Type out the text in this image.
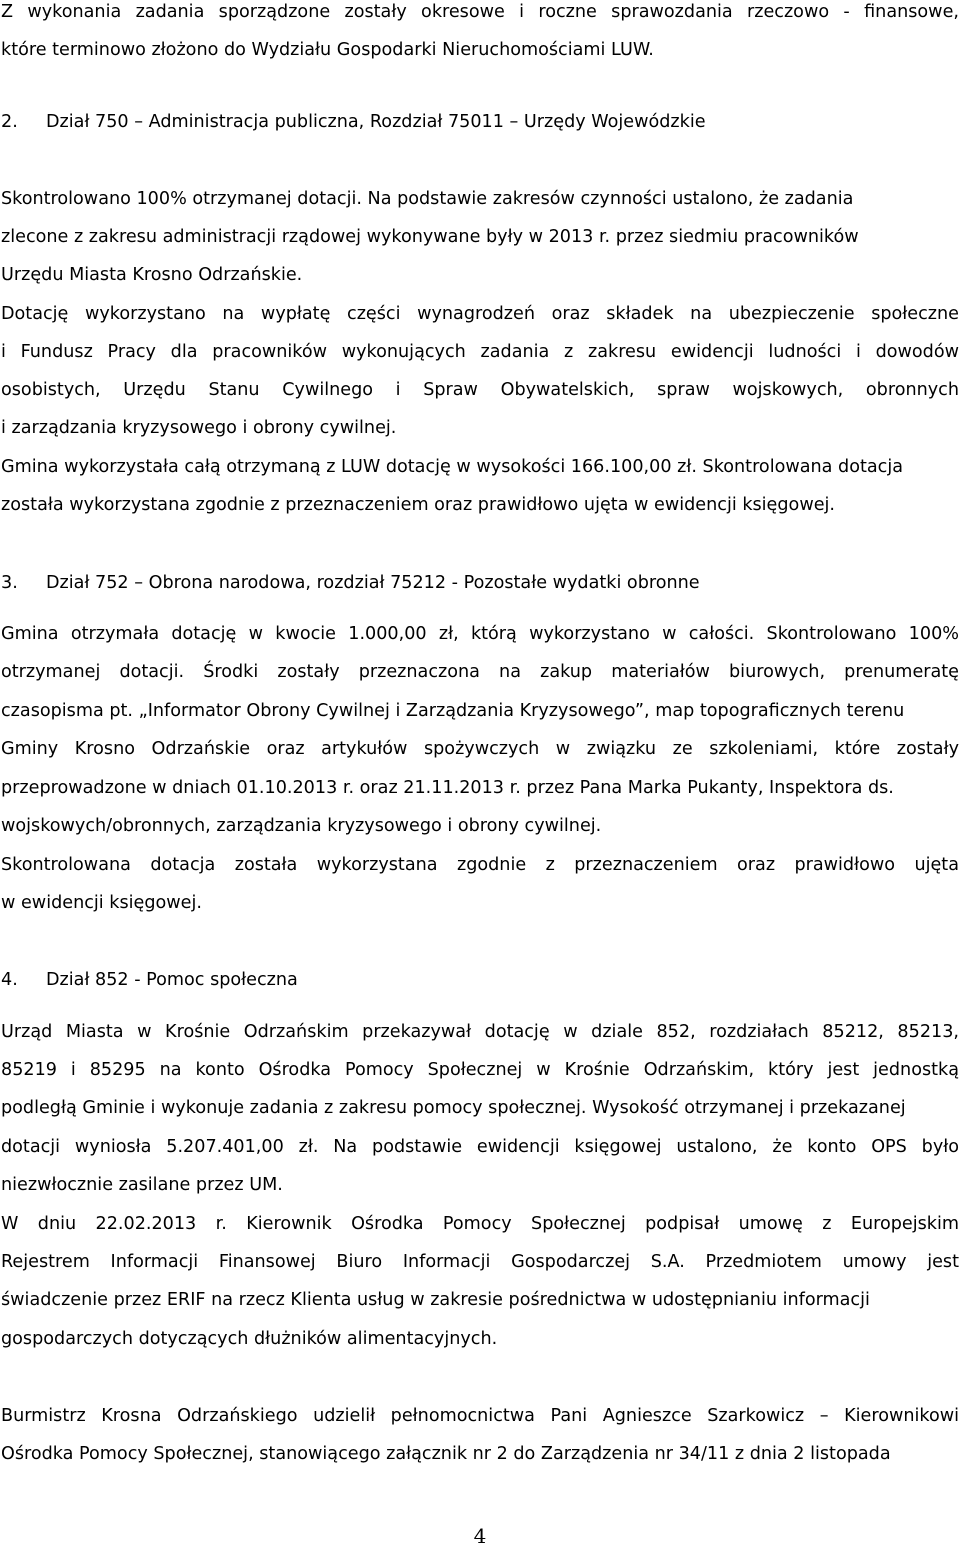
Z wykonania zadania sporządzone zostały okresowe i roczne sprawozdania rzeczowo - finansowe,
które terminowo złożono do Wydziału Gospodarki Nieruchomościami LUW.
2. Dział 750 – Administracja publiczna, Rozdział 75011 – Urzędy Wojewódzkie
Skontrolowano 100% otrzymanej dotacji. Na podstawie zakresów czynności ustalono, że zadania
zlecone z zakresu administracji rządowej wykonywane były w 2013 r. przez siedmiu pracowników
Urzędu Miasta Krosno Odrzańskie.
Dotację wykorzystano na wypłatę części wynagrodzeń oraz składek na ubezpieczenie społeczne
i Fundusz Pracy dla pracowników wykonujących zadania z zakresu ewidencji ludności i dowodów
osobistych, Urzędu Stanu Cywilnego i Spraw Obywatelskich, spraw wojskowych, obronnych
i zarządzania kryzysowego i obrony cywilnej.
Gmina wykorzystała całą otrzymaną z LUW dotację w wysokości 166.100,00 zł. Skontrolowana dotacja
została wykorzystana zgodnie z przeznaczeniem oraz prawidłowo ujęta w ewidencji księgowej.
3. Dział 752 – Obrona narodowa, rozdział 75212 - Pozostałe wydatki obronne
Gmina otrzymała dotację w kwocie 1.000,00 zł, którą wykorzystano w całości. Skontrolowano 100%
otrzymanej dotacji. Środki zostały przeznaczona na zakup materiałów biurowych, prenumeratę
czasopisma pt. „Informator Obrony Cywilnej i Zarządzania Kryzysowego”, map topograficznych terenu
Gminy Krosno Odrzańskie oraz artykułów spożywczych w związku ze szkoleniami, które zostały
przeprowadzone w dniach 01.10.2013 r. oraz 21.11.2013 r. przez Pana Marka Pukanty, Inspektora ds.
wojskowych/obronnych, zarządzania kryzysowego i obrony cywilnej.
Skontrolowana dotacja została wykorzystana zgodnie z przeznaczeniem oraz prawidłowo ujęta
w ewidencji księgowej.
4. Dział 852 - Pomoc społeczna
Urząd Miasta w Krośnie Odrzańskim przekazywał dotację w dziale 852, rozdziałach 85212, 85213,
85219 i 85295 na konto Ośrodka Pomocy Społecznej w Krośnie Odrzańskim, który jest jednostką
podległą Gminie i wykonuje zadania z zakresu pomocy społecznej. Wysokość otrzymanej i przekazanej
dotacji wyniosła 5.207.401,00 zł. Na podstawie ewidencji księgowej ustalono, że konto OPS było
niezwłocznie zasilane przez UM.
W dniu 22.02.2013 r. Kierownik Ośrodka Pomocy Społecznej podpisał umowę z Europejskim
Rejestrem Informacji Finansowej Biuro Informacji Gospodarczej S.A. Przedmiotem umowy jest
świadczenie przez ERIF na rzecz Klienta usług w zakresie pośrednictwa w udostępnianiu informacji
gospodarczych dotyczących dłużników alimentacyjnych.
Burmistrz Krosna Odrzańskiego udzielił pełnomocnictwa Pani Agnieszce Szarkowicz – Kierownikowi
Ośrodka Pomocy Społecznej, stanowiącego załącznik nr 2 do Zarządzenia nr 34/11 z dnia 2 listopada
4
